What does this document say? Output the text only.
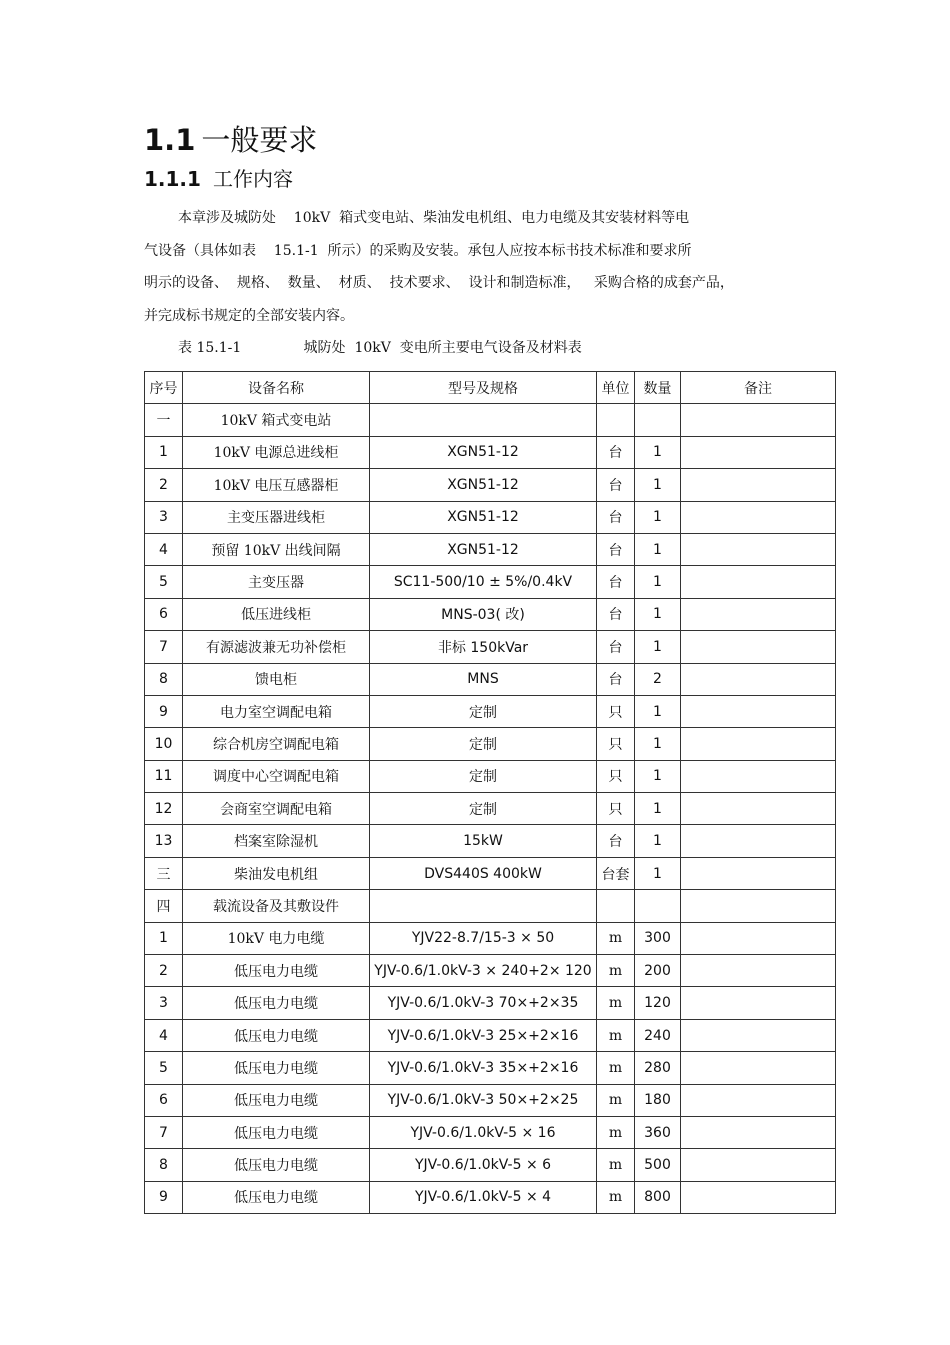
1.1 一般要求
1.1.1 工作内容
本章涉及城防处    10kV  箱式变电站、柴油发电机组、电力电缆及其安装材料等电
气设备（具体如表    15.1-1  所示）的采购及安装。承包人应按本标书技术标准和要求所
明示的设备、  规格、  数量、  材质、  技术要求、  设计和制造标准，   采购合格的成套产品，
并完成标书规定的全部安装内容。
表 15.1-1              城防处  10kV  变电所主要电气设备及材料表
序号	设备名称	型号及规格	单位	数量	备注
一	10kV 箱式变电站				
1	10kV 电源总进线柜	XGN51-12	台	1	
2	10kV 电压互感器柜	XGN51-12	台	1	
3	主变压器进线柜	XGN51-12	台	1	
4	预留 10kV 出线间隔	XGN51-12	台	1	
5	主变压器	SC11-500/10 ± 5%/0.4kV	台	1	
6	低压进线柜	MNS-03( 改)	台	1	
7	有源滤波兼无功补偿柜	非标 150kVar	台	1	
8	馈电柜	MNS	台	2	
9	电力室空调配电箱	定制	只	1	
10	综合机房空调配电箱	定制	只	1	
11	调度中心空调配电箱	定制	只	1	
12	会商室空调配电箱	定制	只	1	
13	档案室除湿机	15kW	台	1	
三	柴油发电机组	DVS440S 400kW	台套	1	
四	载流设备及其敷设件				
1	10kV 电力电缆	YJV22-8.7/15-3 × 50	m	300	
2	低压电力电缆	YJV-0.6/1.0kV-3 × 240+2× 120	m	200	
3	低压电力电缆	YJV-0.6/1.0kV-3 70×+2×35	m	120	
4	低压电力电缆	YJV-0.6/1.0kV-3 25×+2×16	m	240	
5	低压电力电缆	YJV-0.6/1.0kV-3 35×+2×16	m	280	
6	低压电力电缆	YJV-0.6/1.0kV-3 50×+2×25	m	180	
7	低压电力电缆	YJV-0.6/1.0kV-5 × 16	m	360	
8	低压电力电缆	YJV-0.6/1.0kV-5 × 6	m	500	
9	低压电力电缆	YJV-0.6/1.0kV-5 × 4	m	800	
